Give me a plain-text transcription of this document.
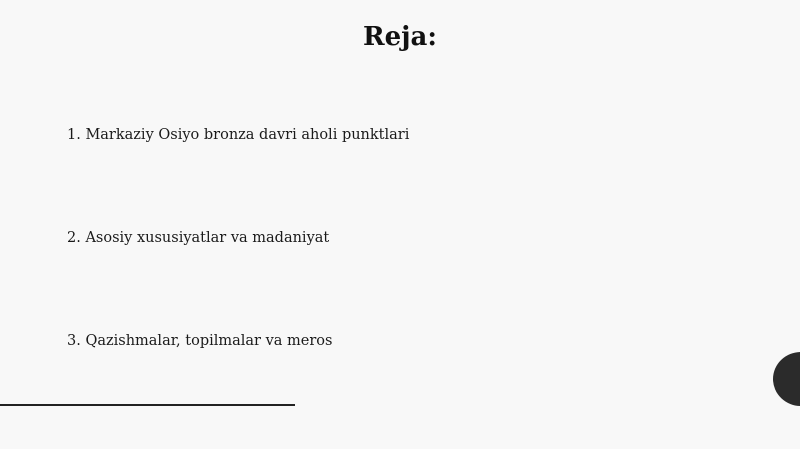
Reja:
1. Markaziy Osiyo bronza davri aholi punktlari
2. Asosiy xususiyatlar va madaniyat
3. Qazishmalar, topilmalar va meros
